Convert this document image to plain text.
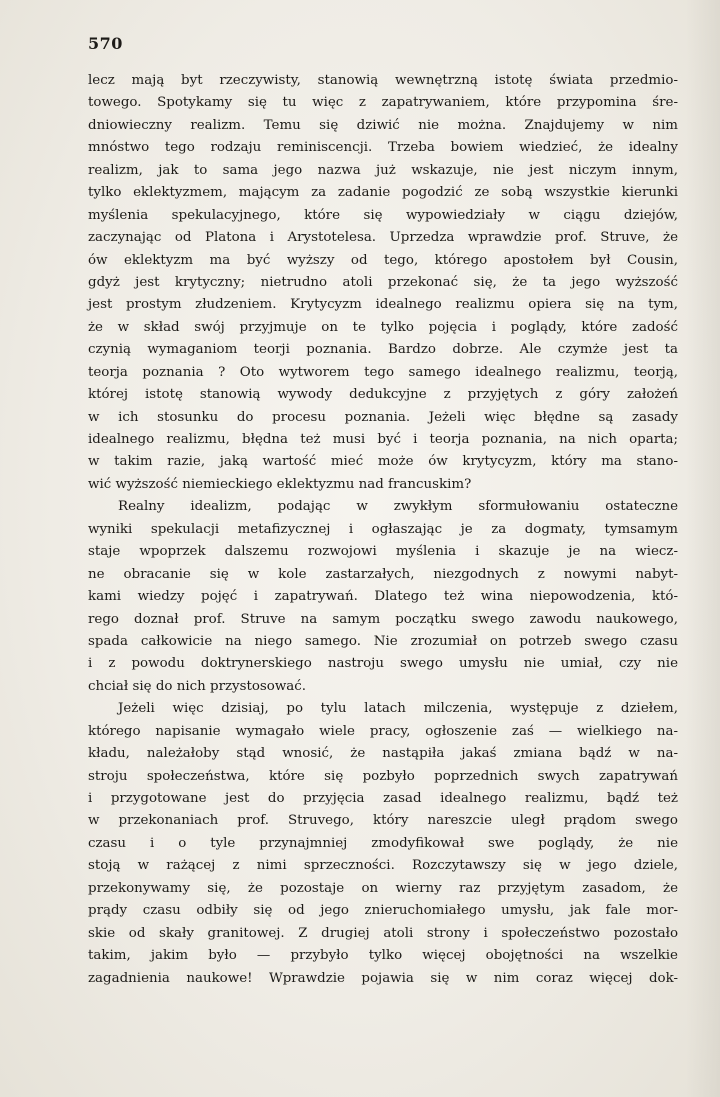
570
lecz mają byt rzeczywisty, stanowią wewnętrzną istotę świata przedmio-
towego. Spotykamy się tu więc z zapatrywaniem, które przypomina śre-
dniowieczny realizm. Temu się dziwić nie można. Znajdujemy w nim
mnóstwo tego rodzaju reminiscencji. Trzeba bowiem wiedzieć, że idealny
realizm, jak to sama jego nazwa już wskazuje, nie jest niczym innym,
tylko eklektyzmem, mającym za zadanie pogodzić ze sobą wszystkie kierunki
myślenia spekulacyjnego, które się wypowiedziały w ciągu dziejów,
zaczynając od Platona i Arystotelesa. Uprzedza wprawdzie prof. Struve, że
ów eklektyzm ma być wyższy od tego, którego apostołem był Cousin,
gdyż jest krytyczny; nietrudno atoli przekonać się, że ta jego wyższość
jest prostym złudzeniem. Krytycyzm idealnego realizmu opiera się na tym,
że w skład swój przyjmuje on te tylko pojęcia i poglądy, które zadość
czynią wymaganiom teorji poznania. Bardzo dobrze. Ale czymże jest ta
teorja poznania ? Oto wytworem tego samego idealnego realizmu, teorją,
której istotę stanowią wywody dedukcyjne z przyjętych z góry założeń
w ich stosunku do procesu poznania. Jeżeli więc błędne są zasady
idealnego realizmu, błędna też musi być i teorja poznania, na nich oparta;
w takim razie, jaką wartość mieć może ów krytycyzm, który ma stano-
wić wyższość niemieckiego eklektyzmu nad francuskim?
Realny idealizm, podając w zwykłym sformułowaniu ostateczne
wyniki spekulacji metafizycznej i ogłaszając je za dogmaty, tymsamym
staje wpoprzek dalszemu rozwojowi myślenia i skazuje je na wiecz-
ne obracanie się w kole zastarzałych, niezgodnych z nowymi nabyt-
kami wiedzy pojęć i zapatrywań. Dlatego też wina niepowodzenia, któ-
rego doznał prof. Struve na samym początku swego zawodu naukowego,
spada całkowicie na niego samego. Nie zrozumiał on potrzeb swego czasu
i z powodu doktrynerskiego nastroju swego umysłu nie umiał, czy nie
chciał się do nich przystosować.
Jeżeli więc dzisiaj, po tylu latach milczenia, występuje z dziełem,
którego napisanie wymagało wiele pracy, ogłoszenie zaś — wielkiego na-
kładu, należałoby stąd wnosić, że nastąpiła jakaś zmiana bądź w na-
stroju społeczeństwa, które się pozbyło poprzednich swych zapatrywań
i przygotowane jest do przyjęcia zasad idealnego realizmu, bądź też
w przekonaniach prof. Struvego, który nareszcie uległ prądom swego
czasu i o tyle przynajmniej zmodyfikował swe poglądy, że nie
stoją w rażącej z nimi sprzeczności. Rozczytawszy się w jego dziele,
przekonywamy się, że pozostaje on wierny raz przyjętym zasadom, że
prądy czasu odbiły się od jego znieruchomiałego umysłu, jak fale mor-
skie od skały granitowej. Z drugiej atoli strony i społeczeństwo pozostało
takim, jakim było — przybyło tylko więcej obojętności na wszelkie
zagadnienia naukowe! Wprawdzie pojawia się w nim coraz więcej dok-
